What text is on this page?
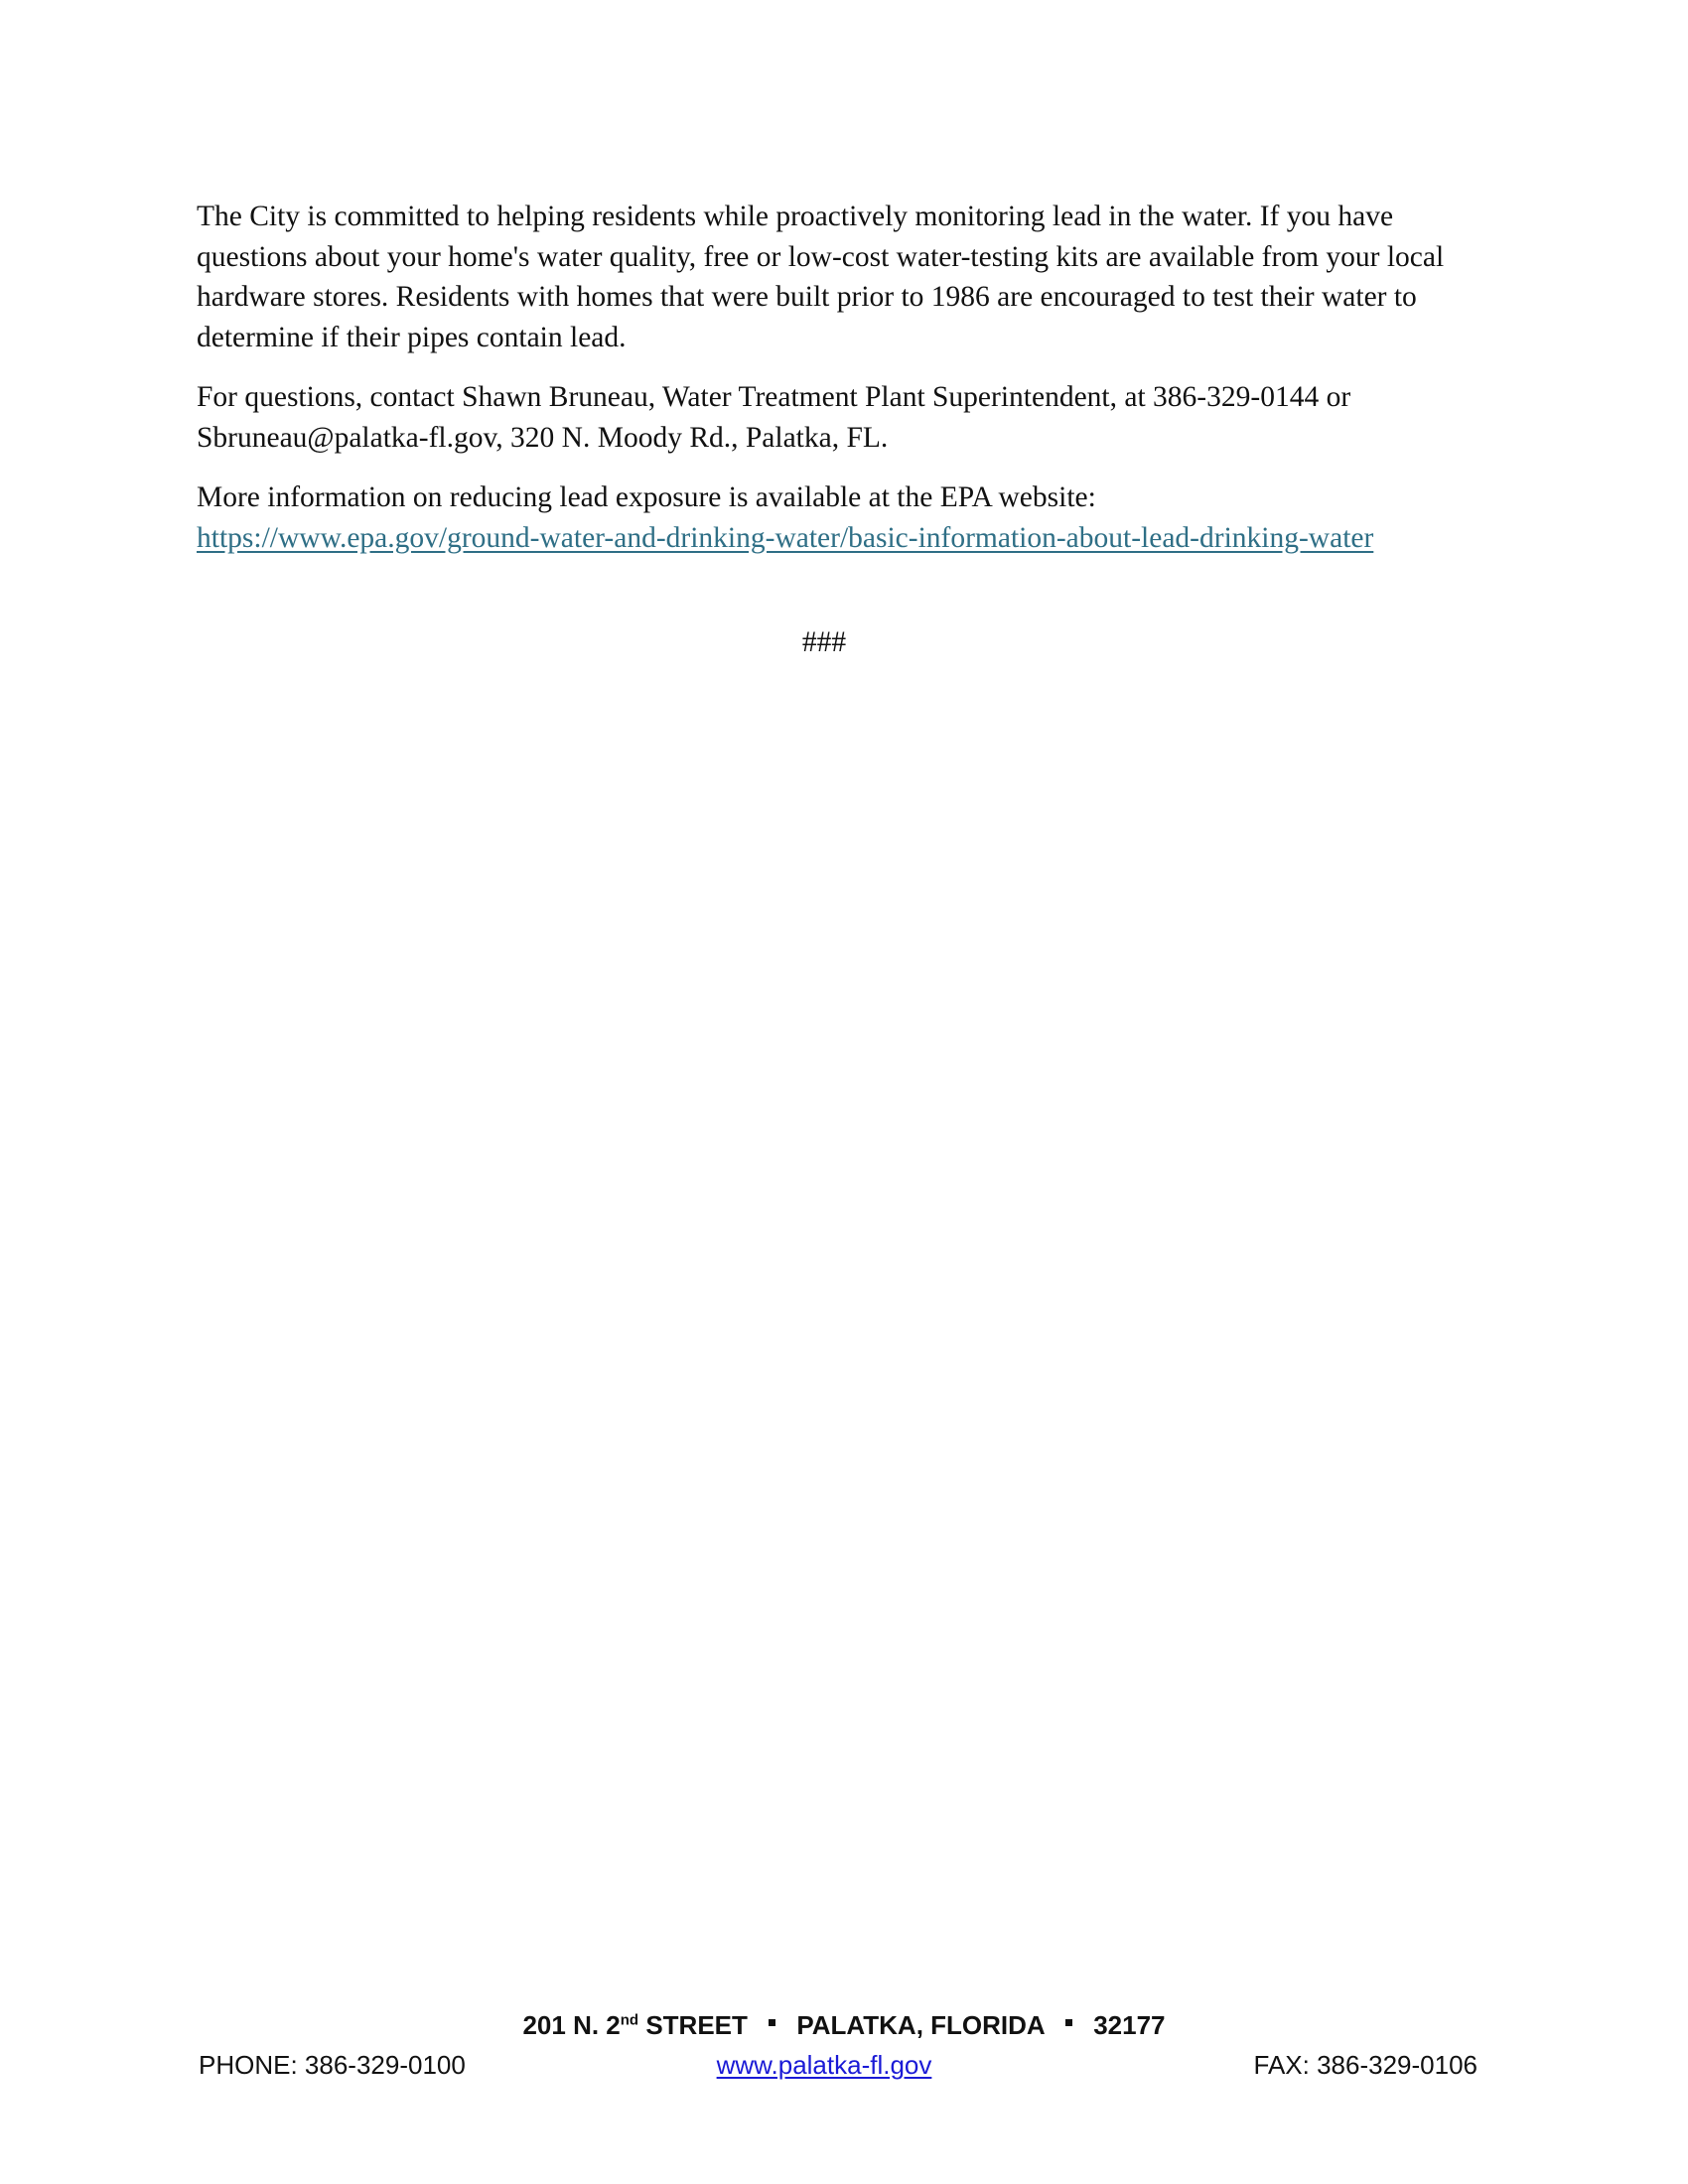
The City is committed to helping residents while proactively monitoring lead in the water. If you have questions about your home's water quality, free or low-cost water-testing kits are available from your local hardware stores. Residents with homes that were built prior to 1986 are encouraged to test their water to determine if their pipes contain lead.

For questions, contact Shawn Bruneau, Water Treatment Plant Superintendent, at 386-329-0144 or Sbruneau@palatka-fl.gov, 320 N. Moody Rd., Palatka, FL.

More information on reducing lead exposure is available at the EPA website:
https://www.epa.gov/ground-water-and-drinking-water/basic-information-about-lead-drinking-water

###
201 N. 2nd STREET PALATKA, FLORIDA 32177
PHONE: 386-329-0100	www.palatka-fl.gov	FAX: 386-329-0106
